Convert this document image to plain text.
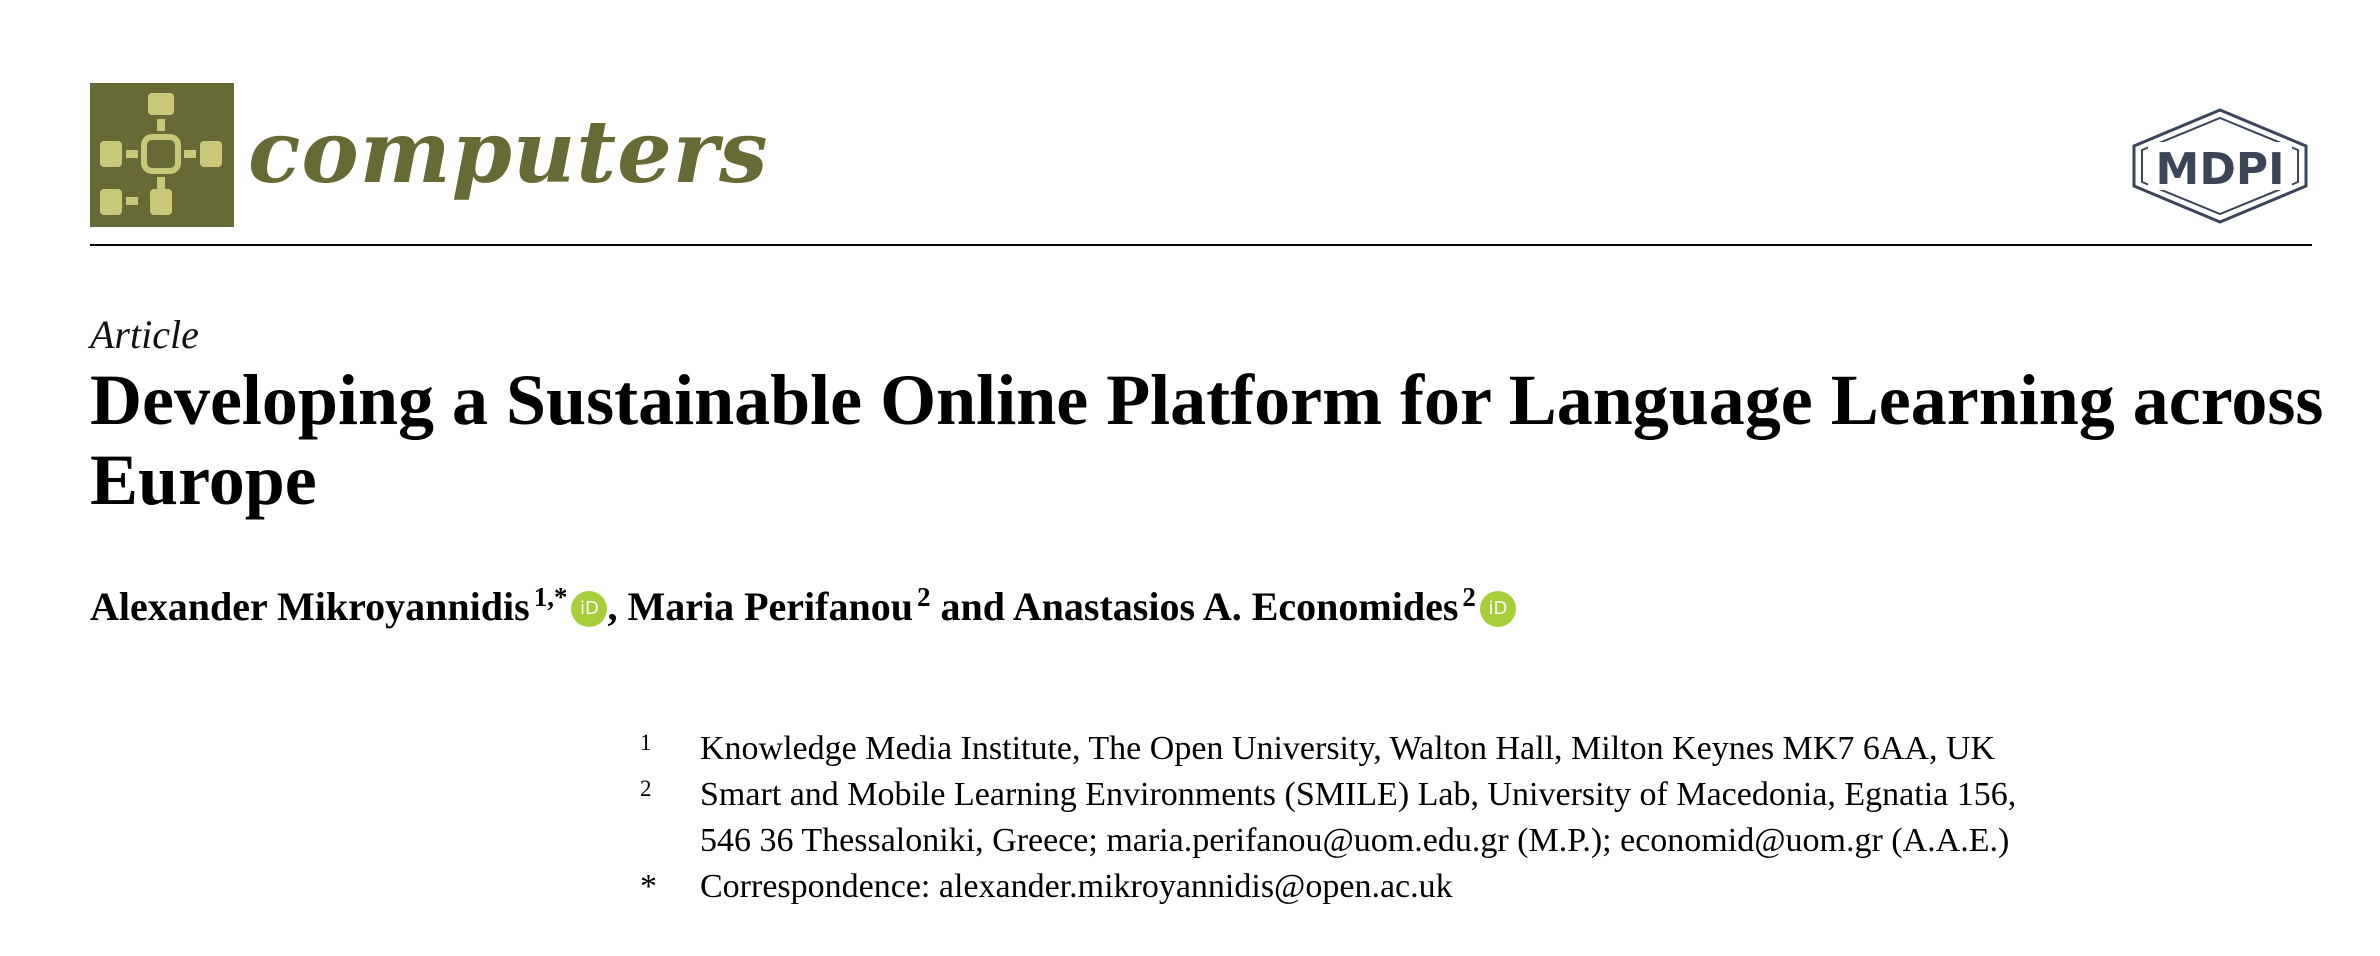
computers	MDPI
Article
Developing a Sustainable Online Platform for Language Learning across Europe
Alexander Mikroyannidis $^{1,*}$ iD , Maria Perifanou $^2$ and Anastasios A. Economides $^2$ iD
1 Knowledge Media Institute, The Open University, Walton Hall, Milton Keynes MK7 6AA, UK
2 Smart and Mobile Learning Environments (SMILE) Lab, University of Macedonia, Egnatia 156,
546 36 Thessaloniki, Greece; maria.perifanou@uom.edu.gr (M.P.); economid@uom.gr (A.A.E.)
* Correspondence: alexander.mikroyannidis@open.ac.uk
